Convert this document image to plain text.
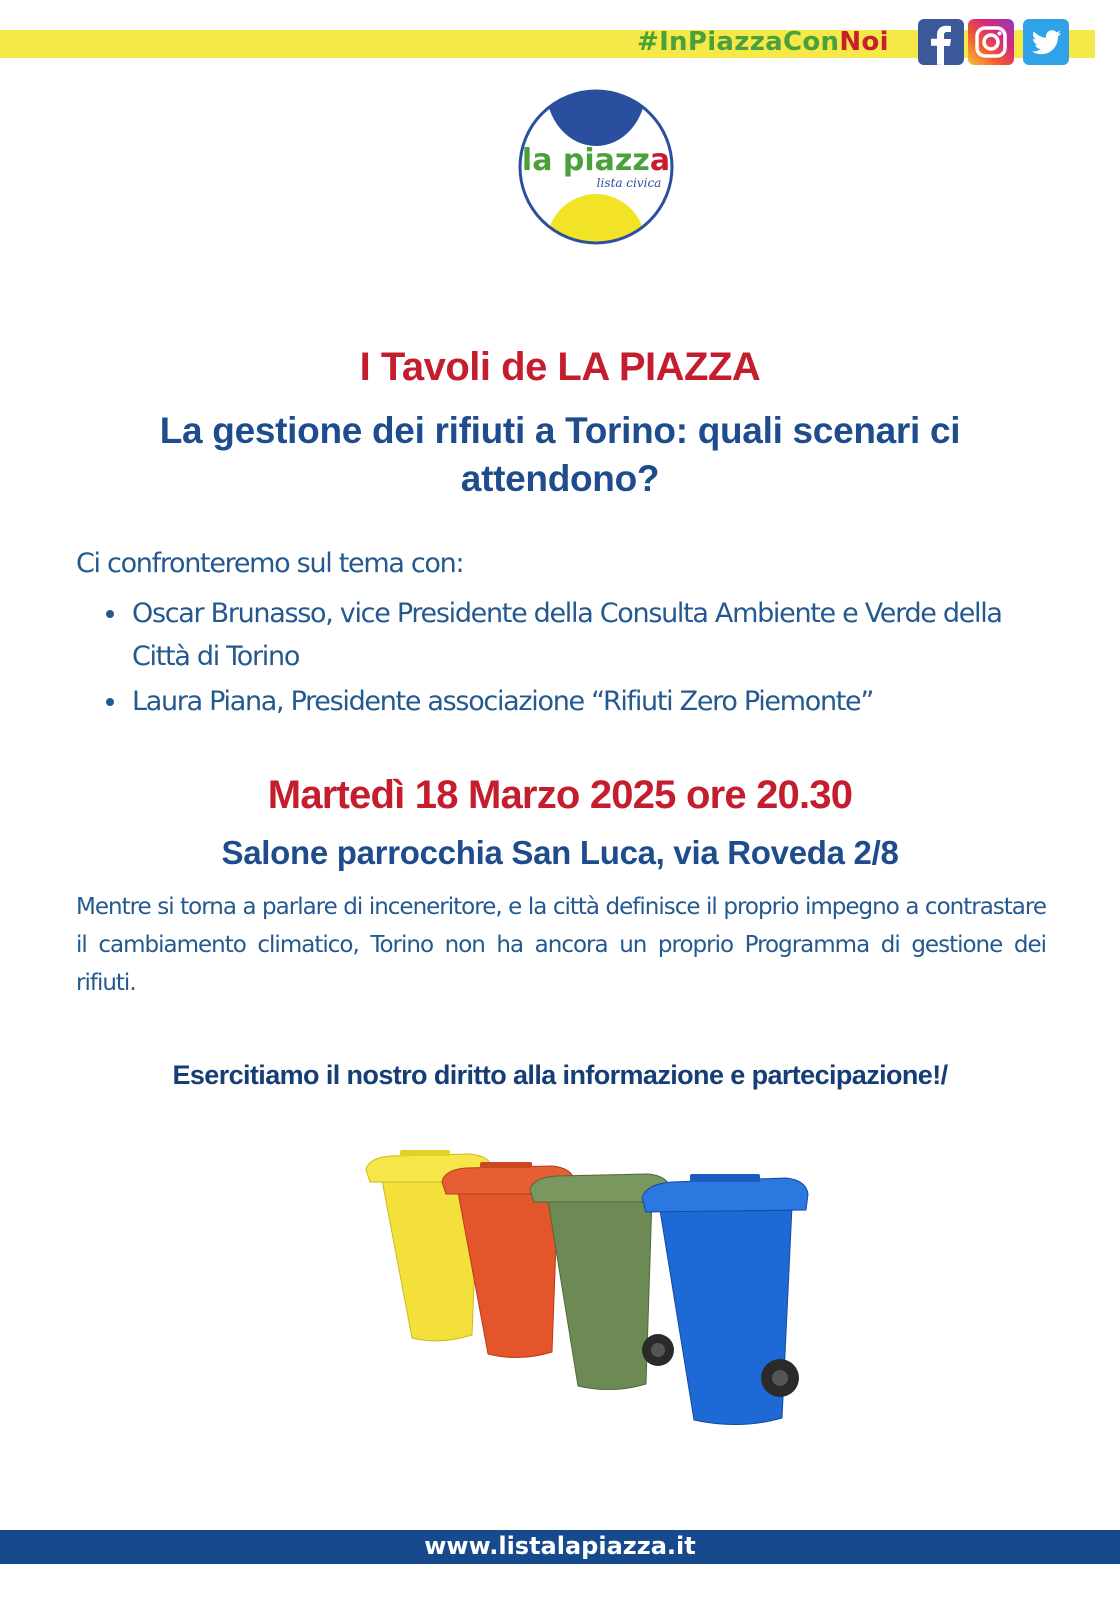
#InPiazzaConNoi
la piazza
lista civica
I Tavoli de LA PIAZZA
La gestione dei rifiuti a Torino: quali scenari ci
attendono?
Ci confronteremo sul tema con:
Oscar Brunasso, vice Presidente della Consulta Ambiente e Verde della Città di Torino
Laura Piana, Presidente associazione “Rifiuti Zero Piemonte”
Martedì 18 Marzo 2025 ore 20.30
Salone parrocchia San Luca, via Roveda 2/8
Mentre si torna a parlare di inceneritore, e la città definisce il proprio impegno a contrastare il cambiamento climatico, Torino non ha ancora un proprio Programma di gestione dei rifiuti.
Esercitiamo il nostro diritto alla informazione e partecipazione!/
www.listalapiazza.it
